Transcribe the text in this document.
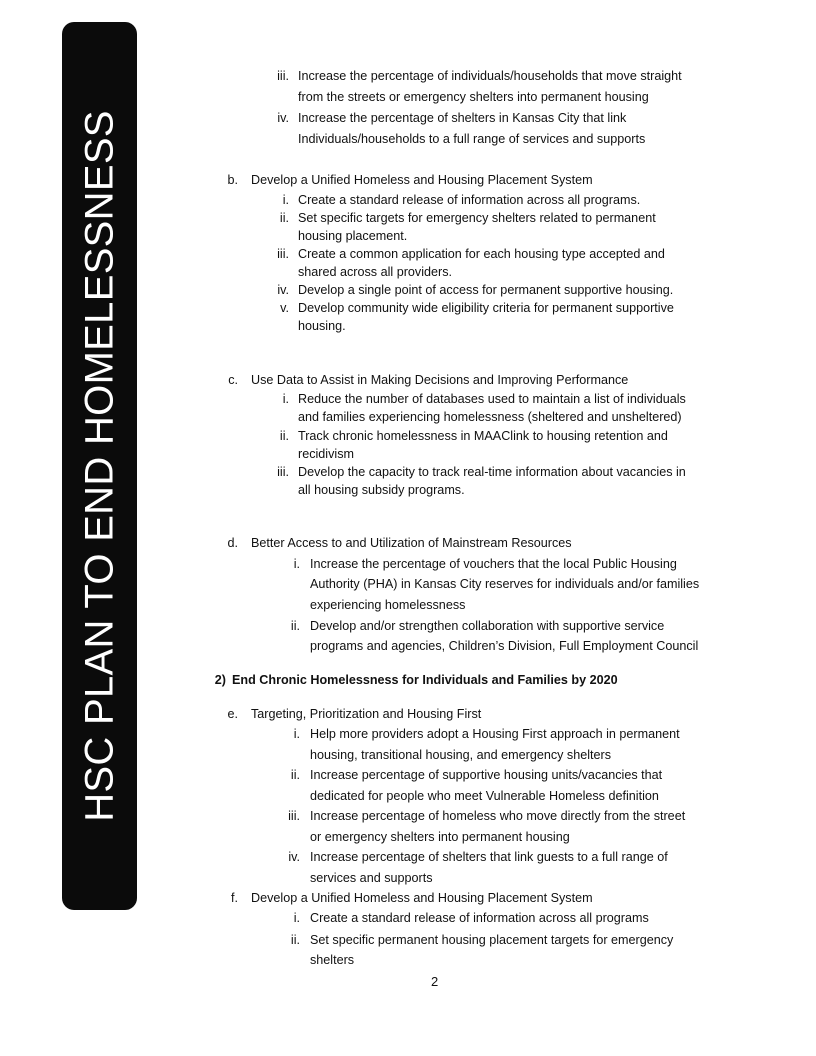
HSC PLAN TO END HOMELESSNESS
iii. Increase the percentage of individuals/households that move straight
from the streets or emergency shelters into permanent housing
iv. Increase the percentage of shelters in Kansas City that link
Individuals/households to a full range of services and supports
b. Develop a Unified Homeless and Housing Placement System
i. Create a standard release of information across all programs.
ii. Set specific targets for emergency shelters related to permanent
housing placement.
iii. Create a common application for each housing type accepted and
shared across all providers.
iv. Develop a single point of access for permanent supportive housing.
v. Develop community wide eligibility criteria for permanent supportive
housing.
c. Use Data to Assist in Making Decisions and Improving Performance
i. Reduce the number of databases used to maintain a list of individuals
and families experiencing homelessness (sheltered and unsheltered)
ii. Track chronic homelessness in MAAClink to housing retention and
recidivism
iii. Develop the capacity to track real-time information about vacancies in
all housing subsidy programs.
d. Better Access to and Utilization of Mainstream Resources
i. Increase the percentage of vouchers that the local Public Housing
Authority (PHA) in Kansas City reserves for individuals and/or families
experiencing homelessness
ii. Develop and/or strengthen collaboration with supportive service
programs and agencies, Children’s Division, Full Employment Council
2) End Chronic Homelessness for Individuals and Families by 2020
e. Targeting, Prioritization and Housing First
i. Help more providers adopt a Housing First approach in permanent
housing, transitional housing, and emergency shelters
ii. Increase percentage of supportive housing units/vacancies that
dedicated for people who meet Vulnerable Homeless definition
iii. Increase percentage of homeless who move directly from the street
or emergency shelters into permanent housing
iv. Increase percentage of shelters that link guests to a full range of
services and supports
f. Develop a Unified Homeless and Housing Placement System
i. Create a standard release of information across all programs
ii. Set specific permanent housing placement targets for emergency
shelters
2
